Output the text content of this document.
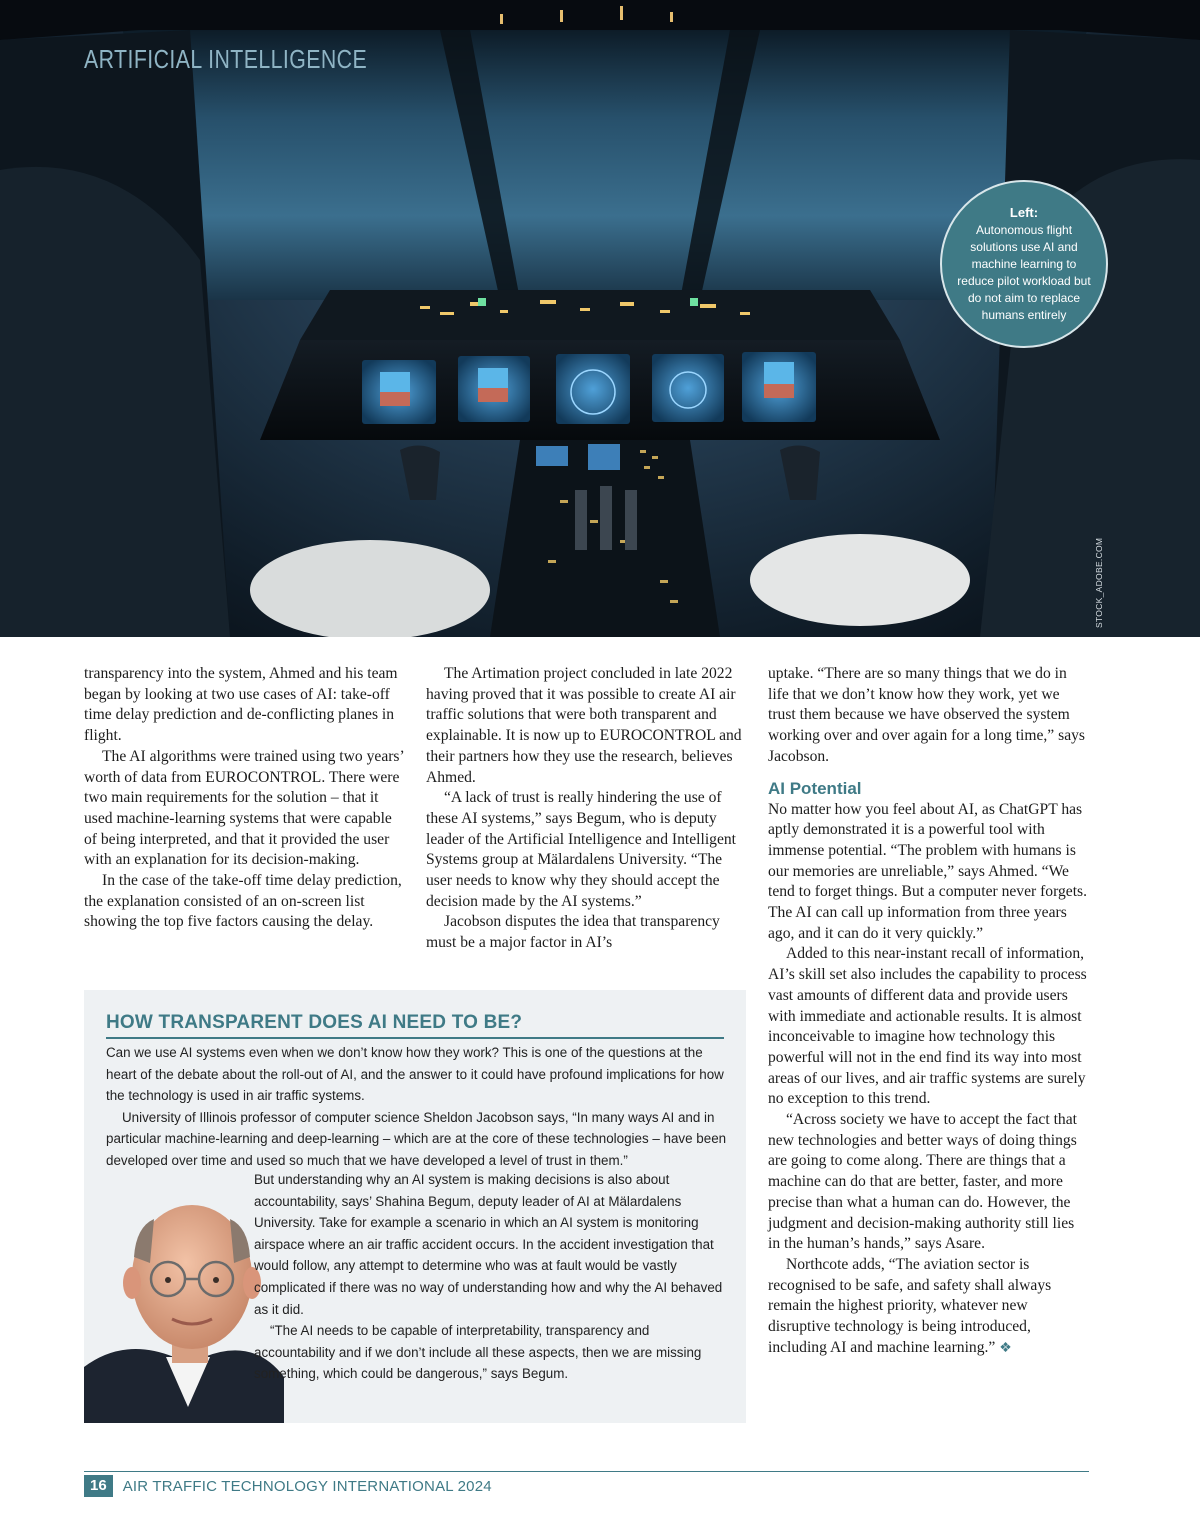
ARTIFICIAL INTELLIGENCE
Left:
Autonomous flight solutions use AI and machine learning to reduce pilot workload but do not aim to replace humans entirely
STOCK_ADOBE.COM

transparency into the system, Ahmed and his team began by looking at two use cases of AI: take-off time delay prediction and de-conflicting planes in flight.

The AI algorithms were trained using two years’ worth of data from EUROCONTROL. There were two main requirements for the solution – that it used machine-learning systems that were capable of being interpreted, and that it provided the user with an explanation for its decision-making.

In the case of the take-off time delay prediction, the explanation consisted of an on-screen list showing the top five factors causing the delay.

The Artimation project concluded in late 2022 having proved that it was possible to create AI air traffic solutions that were both transparent and explainable. It is now up to EUROCONTROL and their partners how they use the research, believes Ahmed.

“A lack of trust is really hindering the use of these AI systems,” says Begum, who is deputy leader of the Artificial Intelligence and Intelligent Systems group at Mälardalens University. “The user needs to know why they should accept the decision made by the AI systems.”

Jacobson disputes the idea that transparency must be a major factor in AI’s

uptake. “There are so many things that we do in life that we don’t know how they work, yet we trust them because we have observed the system working over and over again for a long time,” says Jacobson.

AI Potential

No matter how you feel about AI, as ChatGPT has aptly demonstrated it is a powerful tool with immense potential. “The problem with humans is our memories are unreliable,” says Ahmed. “We tend to forget things. But a computer never forgets. The AI can call up information from three years ago, and it can do it very quickly.”

Added to this near-instant recall of information, AI’s skill set also includes the capability to process vast amounts of different data and provide users with immediate and actionable results. It is almost inconceivable to imagine how technology this powerful will not in the end find its way into most areas of our lives, and air traffic systems are surely no exception to this trend.

“Across society we have to accept the fact that new technologies and better ways of doing things are going to come along. There are things that a machine can do that are better, faster, and more precise than what a human can do. However, the judgment and decision-making authority still lies in the human’s hands,” says Asare.

Northcote adds, “The aviation sector is recognised to be safe, and safety shall always remain the highest priority, whatever new disruptive technology is being introduced, including AI and machine learning.” ❖

HOW TRANSPARENT DOES AI NEED TO BE?

Can we use AI systems even when we don’t know how they work? This is one of the questions at the heart of the debate about the roll-out of AI, and the answer to it could have profound implications for how the technology is used in air traffic systems.

University of Illinois professor of computer science Sheldon Jacobson says, “In many ways AI and in particular machine-learning and deep-learning – which are at the core of these technologies – have been developed over time and used so much that we have developed a level of trust in them.”

But understanding why an AI system is making decisions is also about accountability, says’ Shahina Begum, deputy leader of AI at Mälardalens University. Take for example a scenario in which an AI system is monitoring airspace where an air traffic accident occurs. In the accident investigation that would follow, any attempt to determine who was at fault would be vastly complicated if there was no way of understanding how and why the AI behaved as it did.

“The AI needs to be capable of interpretability, transparency and accountability and if we don’t include all these aspects, then we are missing something, which could be dangerous,” says Begum.

16	AIR TRAFFIC TECHNOLOGY INTERNATIONAL 2024
